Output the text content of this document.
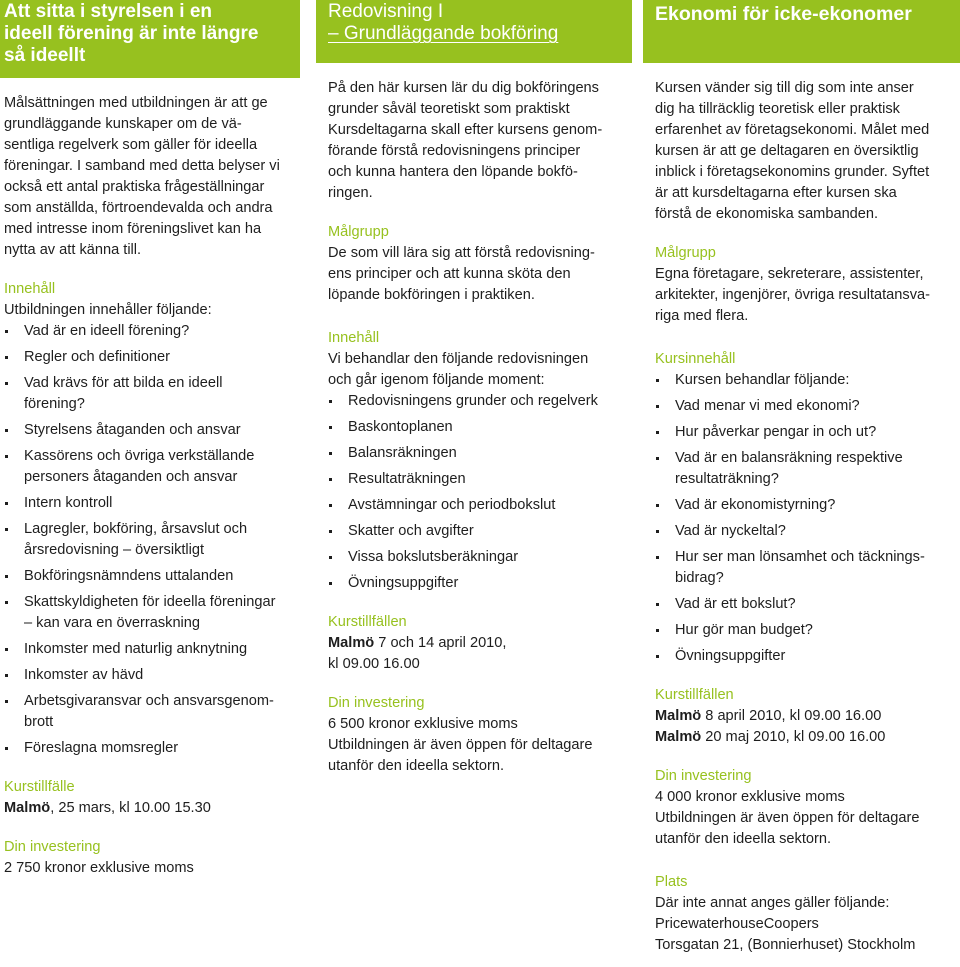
Att sitta i styrelsen i en
ideell förening är inte längre
så ideellt
Målsättningen med utbildningen är att ge
grundläggande kunskaper om de vä-
sentliga regelverk som gäller för ideella
föreningar. I samband med detta belyser vi
också ett antal praktiska frågeställningar
som anställda, förtroendevalda och andra
med intresse inom föreningslivet kan ha
nytta av att känna till.
Innehåll
Utbildningen innehåller följande:
Vad är en ideell förening?
Regler och definitioner
Vad krävs för att bilda en ideell
förening?
Styrelsens åtaganden och ansvar
Kassörens och övriga verkställande
personers åtaganden och ansvar
Intern kontroll
Lagregler, bokföring, årsavslut och
årsredovisning – översiktligt
Bokföringsnämndens uttalanden
Skattskyldigheten för ideella föreningar
– kan vara en överraskning
Inkomster med naturlig anknytning
Inkomster av hävd
Arbetsgivaransvar och ansvarsgenom-
brott
Föreslagna momsregler
Kurstillfälle
Malmö, 25 mars, kl 10.00 15.30
Din investering
2 750 kronor exklusive moms
Redovisning I
– Grundläggande bokföring
På den här kursen lär du dig bokföringens
grunder såväl teoretiskt som praktiskt
Kursdeltagarna skall efter kursens genom-
förande förstå redovisningens principer
och kunna hantera den löpande bokfö-
ringen.
Målgrupp
De som vill lära sig att förstå redovisning-
ens principer och att kunna sköta den
löpande bokföringen i praktiken.
Innehåll
Vi behandlar den följande redovisningen
och går igenom följande moment:
Redovisningens grunder och regelverk
Baskontoplanen
Balansräkningen
Resultaträkningen
Avstämningar och periodbokslut
Skatter och avgifter
Vissa bokslutsberäkningar
Övningsuppgifter
Kurstillfällen
Malmö 7 och 14 april 2010,
kl 09.00 16.00
Din investering
6 500 kronor exklusive moms
Utbildningen är även öppen för deltagare
utanför den ideella sektorn.
Ekonomi för icke-ekonomer
Kursen vänder sig till dig som inte anser
dig ha tillräcklig teoretisk eller praktisk
erfarenhet av företagsekonomi. Målet med
kursen är att ge deltagaren en översiktlig
inblick i företagsekonomins grunder. Syftet
är att kursdeltagarna efter kursen ska
förstå de ekonomiska sambanden.
Målgrupp
Egna företagare, sekreterare, assistenter,
arkitekter, ingenjörer, övriga resultatansva-
riga med flera.
Kursinnehåll
Kursen behandlar följande:
Vad menar vi med ekonomi?
Hur påverkar pengar in och ut?
Vad är en balansräkning respektive
resultaträkning?
Vad är ekonomistyrning?
Vad är nyckeltal?
Hur ser man lönsamhet och täcknings-
bidrag?
Vad är ett bokslut?
Hur gör man budget?
Övningsuppgifter
Kurstillfällen
Malmö 8 april 2010, kl 09.00 16.00
Malmö 20 maj 2010, kl 09.00 16.00
Din investering
4 000 kronor exklusive moms
Utbildningen är även öppen för deltagare
utanför den ideella sektorn.
Plats
Där inte annat anges gäller följande:
PricewaterhouseCoopers
Torsgatan 21, (Bonnierhuset) Stockholm
